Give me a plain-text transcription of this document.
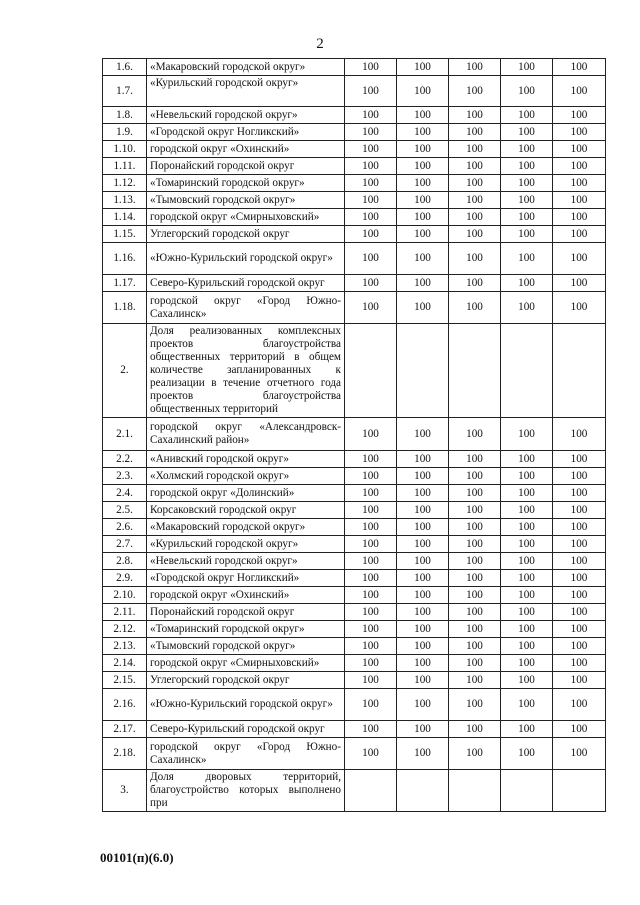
2
1.6.	«Макаровский городской округ»	100	100	100	100	100
1.7.	«Курильский городской округ»	100	100	100	100	100
1.8.	«Невельский городской округ»	100	100	100	100	100
1.9.	«Городской округ Ногликский»	100	100	100	100	100
1.10.	городской округ «Охинский»	100	100	100	100	100
1.11.	Поронайский городской округ	100	100	100	100	100
1.12.	«Томаринский городской округ»	100	100	100	100	100
1.13.	«Тымовский городской округ»	100	100	100	100	100
1.14.	городской округ «Смирныховский»	100	100	100	100	100
1.15.	Углегорский городской округ	100	100	100	100	100
1.16.	«Южно-Курильский городской округ»	100	100	100	100	100
1.17.	Северо-Курильский городской округ	100	100	100	100	100
1.18.	городской округ «Город Южно-Сахалинск»	100	100	100	100	100
2.	Доля реализованных комплексных проектов благоустройства общественных территорий в общем количестве запланированных к реализации в течение отчетного года проектов благоустройства общественных территорий					
2.1.	городской округ «Александровск-Сахалинский район»	100	100	100	100	100
2.2.	«Анивский городской округ»	100	100	100	100	100
2.3.	«Холмский городской округ»	100	100	100	100	100
2.4.	городской округ «Долинский»	100	100	100	100	100
2.5.	Корсаковский городской округ	100	100	100	100	100
2.6.	«Макаровский городской округ»	100	100	100	100	100
2.7.	«Курильский городской округ»	100	100	100	100	100
2.8.	«Невельский городской округ»	100	100	100	100	100
2.9.	«Городской округ Ногликский»	100	100	100	100	100
2.10.	городской округ «Охинский»	100	100	100	100	100
2.11.	Поронайский городской округ	100	100	100	100	100
2.12.	«Томаринский городской округ»	100	100	100	100	100
2.13.	«Тымовский городской округ»	100	100	100	100	100
2.14.	городской округ «Смирныховский»	100	100	100	100	100
2.15.	Углегорский городской округ	100	100	100	100	100
2.16.	«Южно-Курильский городской округ»	100	100	100	100	100
2.17.	Северо-Курильский городской округ	100	100	100	100	100
2.18.	городской округ «Город Южно-Сахалинск»	100	100	100	100	100
3.	Доля дворовых территорий, благоустройство которых выполнено при					
00101(п)(6.0)
